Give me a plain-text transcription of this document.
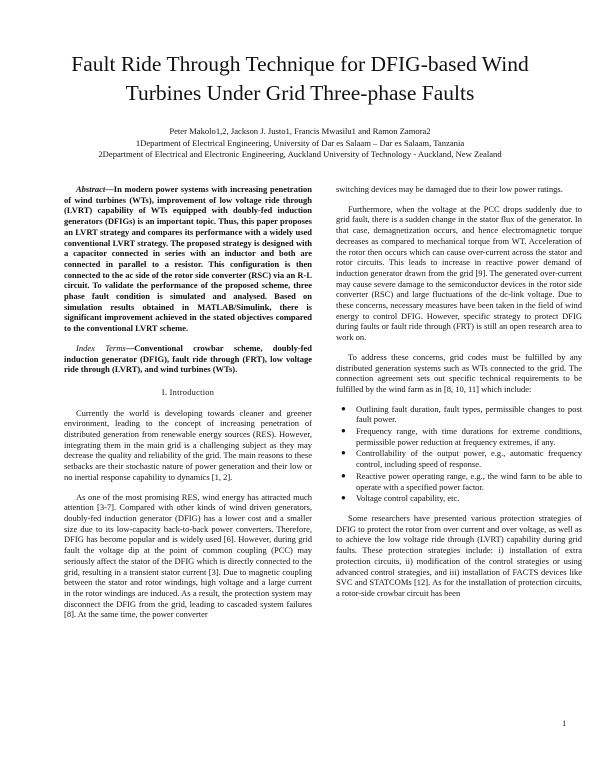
Fault Ride Through Technique for DFIG-based Wind
Turbines Under Grid Three-phase Faults
Peter Makolo1,2, Jackson J. Justo1, Francis Mwasilu1 and Ramon Zamora2
1Department of Electrical Engineering, University of Dar es Salaam – Dar es Salaam, Tanzania
2Department of Electrical and Electronic Engineering, Auckland University of Technology - Auckland, New Zealand

Abstract—In modern power systems with increasing penetration of wind turbines (WTs), improvement of low voltage ride through (LVRT) capability of WTs equipped with doubly-fed induction generators (DFIGs) is an important topic. Thus, this paper proposes an LVRT strategy and compares its performance with a widely used conventional LVRT strategy. The proposed strategy is designed with a capacitor connected in series with an inductor and both are connected in parallel to a resistor. This configuration is then connected to the ac side of the rotor side converter (RSC) via an R-L circuit. To validate the performance of the proposed scheme, three phase fault condition is simulated and analysed. Based on simulation results obtained in MATLAB/Simulink, there is significant improvement achieved in the stated objectives compared to the conventional LVRT scheme.

Index Terms—Conventional crowbar scheme, doubly-fed induction generator (DFIG), fault ride through (FRT), low voltage ride through (LVRT), and wind turbines (WTs).

I. Introduction

Currently the world is developing towards cleaner and greener environment, leading to the concept of increasing penetration of distributed generation from renewable energy sources (RES). However, integrating them in the main grid is a challenging subject as they may decrease the quality and reliability of the grid. The main reasons to these setbacks are their stochastic nature of power generation and their low or no inertial response capability to dynamics [1, 2].

As one of the most promising RES, wind energy has attracted much attention [3-7]. Compared with other kinds of wind driven generators, doubly-fed induction generator (DFIG) has a lower cost and a smaller size due to its low-capacity back-to-back power converters. Therefore, DFIG has become popular and is widely used [6]. However, during grid fault the voltage dip at the point of common coupling (PCC) may seriously affect the stator of the DFIG which is directly connected to the grid, resulting in a transient stator current [3]. Due to magnetic coupling between the stator and rotor windings, high voltage and a large current in the rotor windings are induced. As a result, the protection system may disconnect the DFIG from the grid, leading to cascaded system failures [8]. At the same time, the power converter

switching devices may be damaged due to their low power ratings.

Furthermore, when the voltage at the PCC drops suddenly due to grid fault, there is a sudden change in the stator flux of the generator. In that case, demagnetization occurs, and hence electromagnetic torque decreases as compared to mechanical torque from WT. Acceleration of the rotor then occurs which can cause over-current across the stator and rotor circuits. This leads to increase in reactive power demand of induction generator drawn from the grid [9]. The generated over-current may cause severe damage to the semiconductor devices in the rotor side converter (RSC) and large fluctuations of the dc-link voltage. Due to these concerns, necessary measures have been taken in the field of wind energy to control DFIG. However, specific strategy to protect DFIG during faults or fault ride through (FRT) is still an open research area to work on.

To address these concerns, grid codes must be fulfilled by any distributed generation systems such as WTs connected to the grid. The connection agreement sets out specific technical requirements to be fulfilled by the wind farm as in [8, 10, 11] which include:

● Outlining fault duration, fault types, permissible changes to post fault power.
● Frequency range, with time durations for extreme conditions, permissible power reduction at frequency extremes, if any.
● Controllability of the output power, e.g., automatic frequency control, including speed of response.
● Reactive power operating range, e.g., the wind farm to be able to operate with a specified power factor.
● Voltage control capability, etc.

Some researchers have presented various protection strategies of DFIG to protect the rotor from over current and over voltage, as well as to achieve the low voltage ride through (LVRT) capability during grid faults. These protection strategies include: i) installation of extra protection circuits, ii) modification of the control strategies or using advanced control strategies, and iii) installation of FACTS devices like SVC and STATCOMs [12]. As for the installation of protection circuits, a rotor-side crowbar circuit has been

1
